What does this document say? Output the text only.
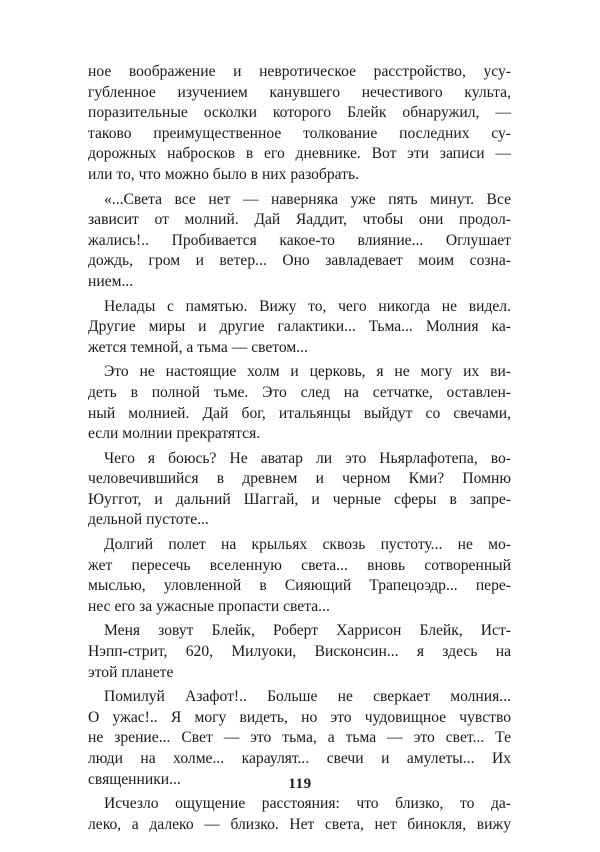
ное воображение и невротическое расстройство, усу-
губленное изучением канувшего нечестивого культа,
поразительные осколки которого Блейк обнаружил, —
таково преимущественное толкование последних су-
дорожных набросков в его дневнике. Вот эти записи —
или то, что можно было в них разобрать.

«...Света все нет — наверняка уже пять минут. Все
зависит от молний. Дай Яаддит, чтобы они продол-
жались!.. Пробивается какое-то влияние... Оглушает
дождь, гром и ветер... Оно завладевает моим созна-
нием...

Нелады с памятью. Вижу то, чего никогда не видел.
Другие миры и другие галактики... Тьма... Молния ка-
жется темной, а тьма — светом...

Это не настоящие холм и церковь, я не могу их ви-
деть в полной тьме. Это след на сетчатке, оставлен-
ный молнией. Дай бог, итальянцы выйдут со свечами,
если молнии прекратятся.

Чего я боюсь? Не аватар ли это Ньярлафотепа, во-
человечившийся в древнем и черном Кми? Помню
Юуггот, и дальний Шаггай, и черные сферы в запре-
дельной пустоте...

Долгий полет на крыльях сквозь пустоту... не мо-
жет пересечь вселенную света... вновь сотворенный
мыслью, уловленной в Сияющий Трапецоэдр... пере-
нес его за ужасные пропасти света...

Меня зовут Блейк, Роберт Харрисон Блейк, Ист-
Нэпп-стрит, 620, Милуоки, Висконсин... я здесь на
этой планете

Помилуй Азафот!.. Больше не сверкает молния...
О ужас!.. Я могу видеть, но это чудовищное чувство
не зрение... Свет — это тьма, а тьма — это свет... Те
люди на холме... караулят... свечи и амулеты... Их
священники...

Исчезло ощущение расстояния: что близко, то да-
леко, а далеко — близко. Нет света, нет бинокля, вижу

119
